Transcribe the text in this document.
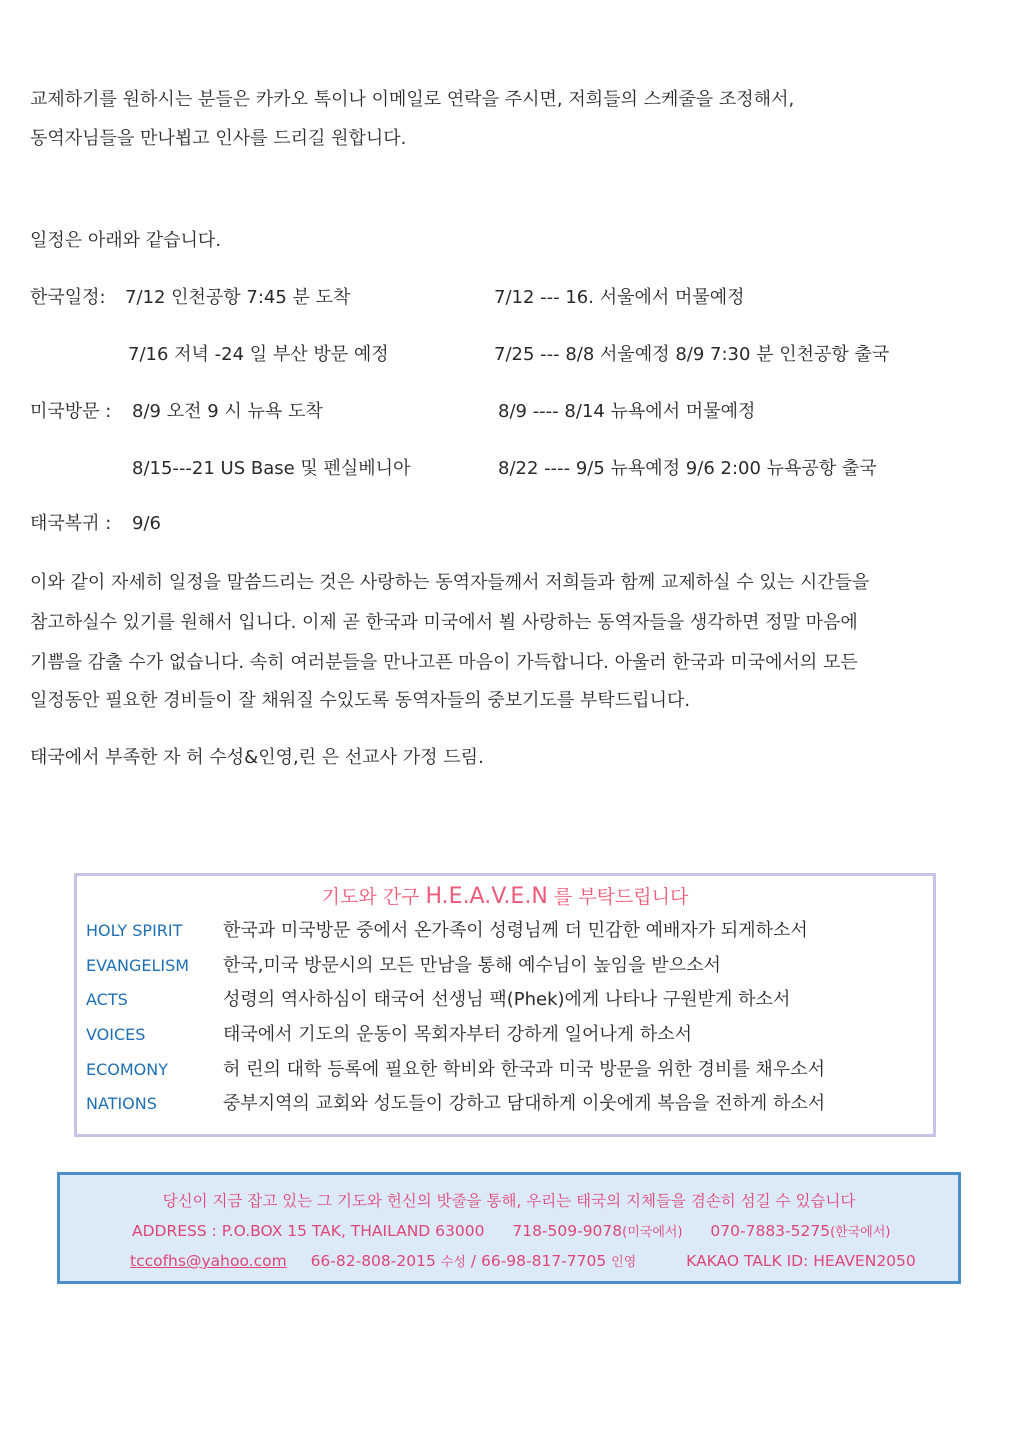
교제하기를 원하시는 분들은 카카오 톡이나 이메일로 연락을 주시면, 저희들의 스케줄을 조정해서,
동역자님들을 만나뵙고 인사를 드리길 원합니다.
일정은 아래와 같습니다.
한국일정: 7/12 인천공항 7:45 분 도착	7/12 --- 16. 서울에서 머물예정
7/16 저녁 -24 일 부산 방문 예정	7/25 --- 8/8 서울예정 8/9 7:30 분 인천공항 출국
미국방문 : 8/9 오전 9 시 뉴욕 도착	8/9 ---- 8/14 뉴욕에서 머물예정
8/15---21 US Base 및 펜실베니아	8/22 ---- 9/5 뉴욕예정 9/6 2:00 뉴욕공항 출국
태국복귀 : 9/6
이와 같이 자세히 일정을 말씀드리는 것은 사랑하는 동역자들께서 저희들과 함께 교제하실 수 있는 시간들을
참고하실수 있기를 원해서 입니다. 이제 곧 한국과 미국에서 뵐 사랑하는 동역자들을 생각하면 정말 마음에
기쁨을 감출 수가 없습니다. 속히 여러분들을 만나고픈 마음이 가득합니다. 아울러 한국과 미국에서의 모든
일정동안 필요한 경비들이 잘 채워질 수있도록 동역자들의 중보기도를 부탁드립니다.
태국에서 부족한 자 허 수성&인영,린 은 선교사 가정 드림.
기도와 간구 H.E.A.V.E.N 를 부탁드립니다
HOLY SPIRIT 한국과 미국방문 중에서 온가족이 성령님께 더 민감한 예배자가 되게하소서
EVANGELISM 한국,미국 방문시의 모든 만남을 통해 예수님이 높임을 받으소서
ACTS	성령의 역사하심이 태국어 선생님 팩(Phek)에게 나타나 구원받게 하소서
VOICES	태국에서 기도의 운동이 목회자부터 강하게 일어나게 하소서
ECOMONY	허 린의 대학 등록에 필요한 학비와 한국과 미국 방문을 위한 경비를 채우소서
NATIONS	중부지역의 교회와 성도들이 강하고 담대하게 이웃에게 복음을 전하게 하소서
당신이 지금 잡고 있는 그 기도와 헌신의 밧줄을 통해, 우리는 태국의 지체들을 겸손히 섬길 수 있습니다
ADDRESS : P.O.BOX 15 TAK, THAILAND 63000 718-509-9078(미국에서) 070-7883-5275(한국에서)
tccofhs@yahoo.com 66-82-808-2015 수성 / 66-98-817-7705 인영	KAKAO TALK ID: HEAVEN2050
